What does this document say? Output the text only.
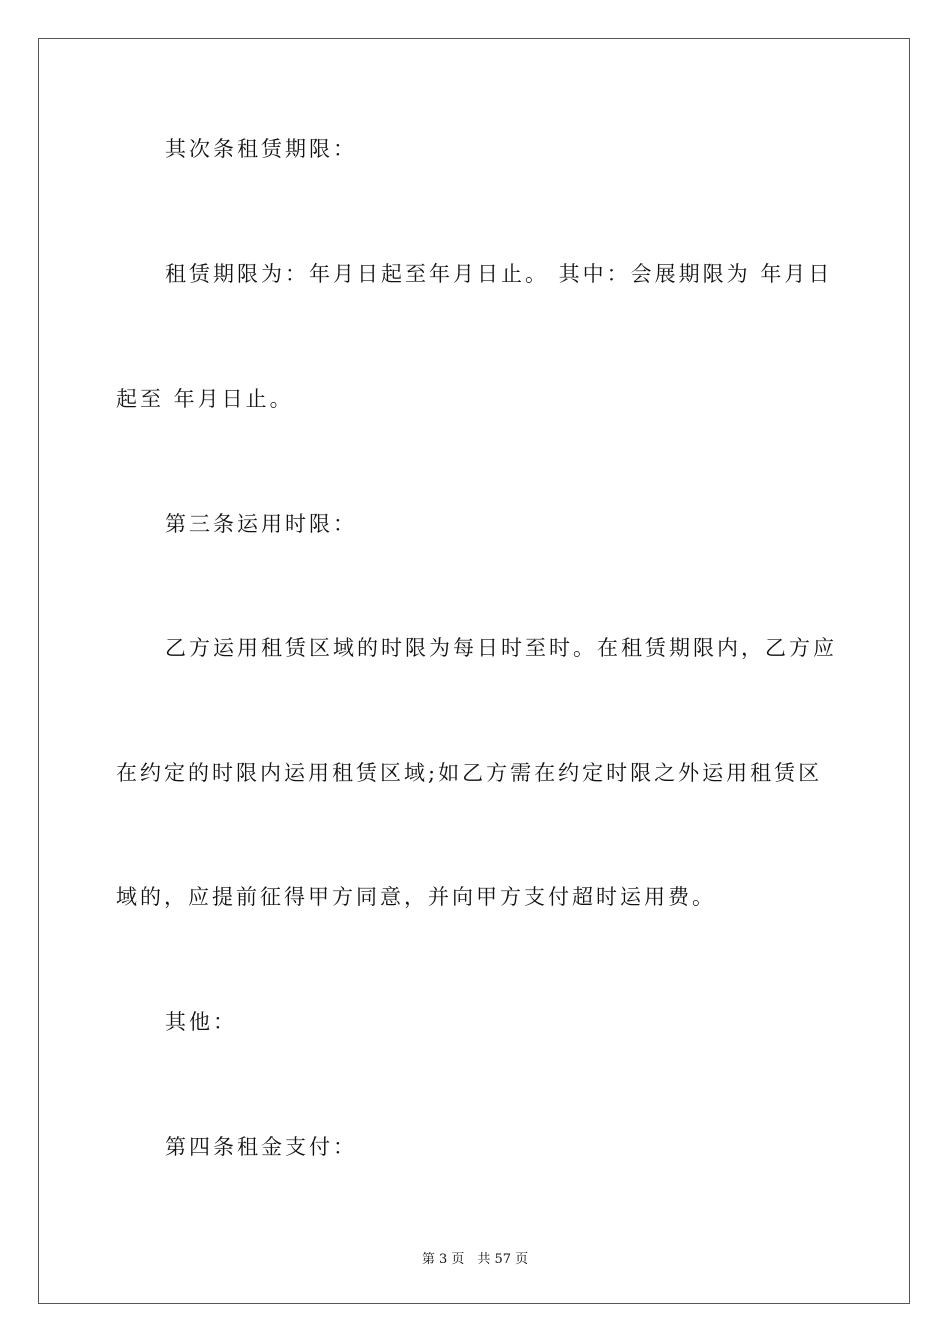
其次条租赁期限：
租赁期限为：年月日起至年月日止。 其中：会展期限为 年月日
起至 年月日止。
第三条运用时限：
乙方运用租赁区域的时限为每日时至时。在租赁期限内，乙方应
在约定的时限内运用租赁区域;如乙方需在约定时限之外运用租赁区
域的，应提前征得甲方同意，并向甲方支付超时运用费。
其他：
第四条租金支付：
第 3 页　共 57 页
